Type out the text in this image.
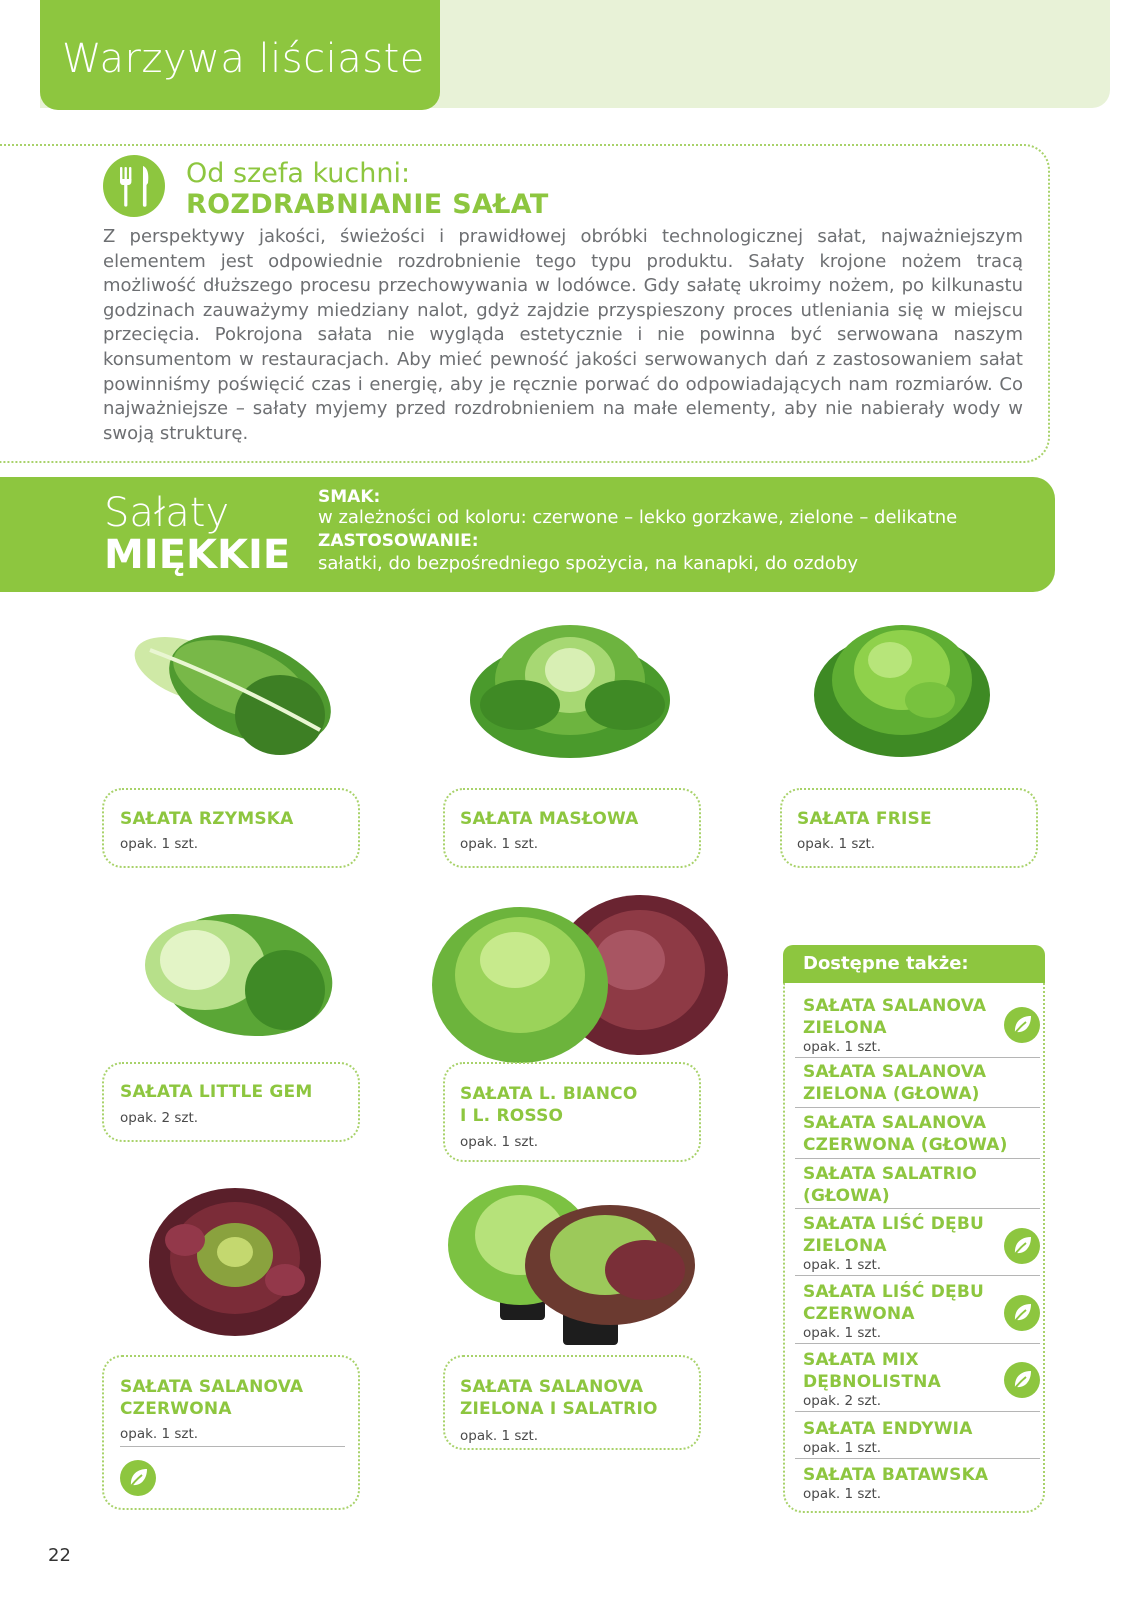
Warzywa liściaste
Od szefa kuchni:
ROZDRABNIANIE SAŁAT
Z perspektywy jakości, świeżości i prawidłowej obróbki technologicznej sałat, najważniejszym elementem jest odpowiednie rozdrobnienie tego typu produktu. Sałaty krojone nożem tracą możliwość dłuższego procesu przechowywania w lodówce. Gdy sałatę ukroimy nożem, po kilkunastu godzinach zauważymy miedziany nalot, gdyż zajdzie przyspieszony proces utleniania się w miejscu przecięcia. Pokrojona sałata nie wygląda estetycznie i nie powinna być serwowana naszym konsumentom w restauracjach. Aby mieć pewność jakości serwowanych dań z zastosowaniem sałat powinniśmy poświęcić czas i energię, aby je ręcznie porwać do odpowiadających nam rozmiarów. Co najważniejsze – sałaty myjemy przed rozdrobnieniem na małe elementy, aby nie nabierały wody w swoją strukturę.
Sałaty
MIĘKKIE
SMAK:
w zależności od koloru: czerwone – lekko gorzkawe, zielone – delikatne
ZASTOSOWANIE:
sałatki, do bezpośredniego spożycia, na kanapki, do ozdoby
SAŁATA RZYMSKA
opak. 1 szt.
SAŁATA MASŁOWA
opak. 1 szt.
SAŁATA FRISE
opak. 1 szt.
SAŁATA LITTLE GEM
opak. 2 szt.
SAŁATA L. BIANCO
I L. ROSSO
opak. 1 szt.
SAŁATA SALANOVA
CZERWONA
opak. 1 szt.
SAŁATA SALANOVA
ZIELONA I SALATRIO
opak. 1 szt.
Dostępne także:
SAŁATA SALANOVA
ZIELONA
opak. 1 szt.
SAŁATA SALANOVA
ZIELONA (GŁOWA)
SAŁATA SALANOVA
CZERWONA (GŁOWA)
SAŁATA SALATRIO
(GŁOWA)
SAŁATA LIŚĆ DĘBU
ZIELONA
opak. 1 szt.
SAŁATA LIŚĆ DĘBU
CZERWONA
opak. 1 szt.
SAŁATA MIX
DĘBNOLISTNA
opak. 2 szt.
SAŁATA ENDYWIA
opak. 1 szt.
SAŁATA BATAWSKA
opak. 1 szt.
22
